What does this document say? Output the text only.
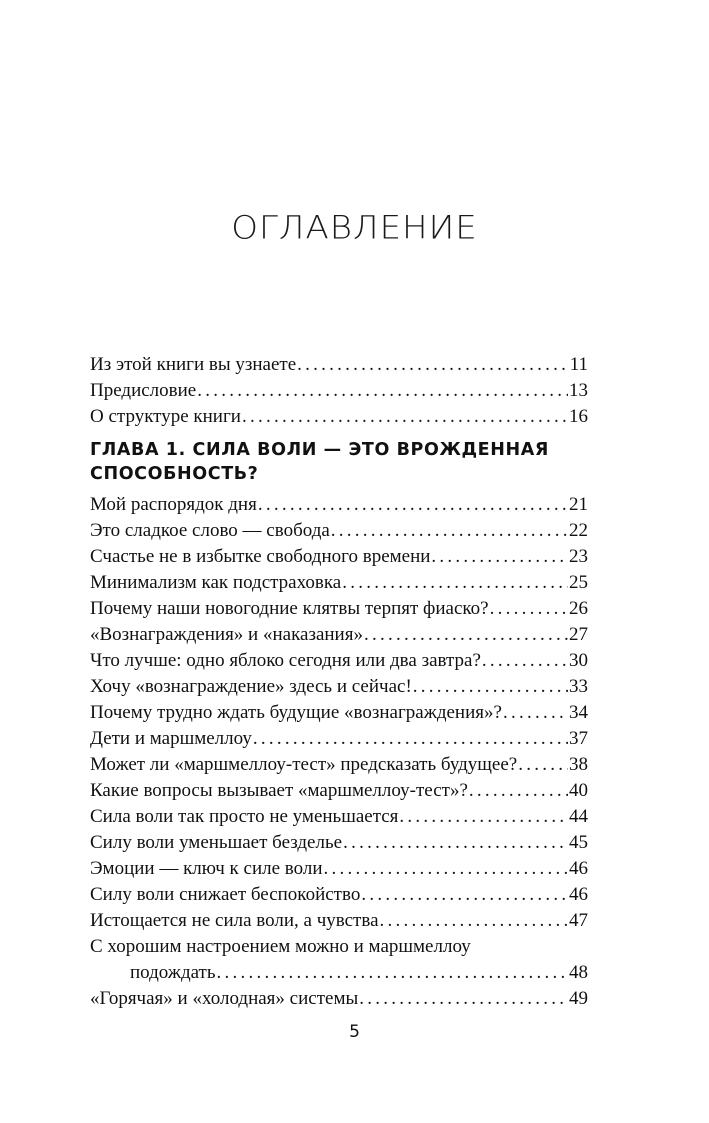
ОГЛАВЛЕНИЕ
Из этой книги вы узнаете . . .	11
Предисловие . . .	13
О структуре книги . . .	16
ГЛАВА 1. СИЛА ВОЛИ — ЭТО ВРОЖДЕННАЯ СПОСОБНОСТЬ?
Мой распорядок дня . . .	21
Это сладкое слово — свобода . . .	22
Счастье не в избытке свободного времени . . .	23
Минимализм как подстраховка . . .	25
Почему наши новогодние клятвы терпят фиаско? . . .	26
«Вознаграждения» и «наказания» . . .	27
Что лучше: одно яблоко сегодня или два завтра? . . .	30
Хочу «вознаграждение» здесь и сейчас! . . .	33
Почему трудно ждать будущие «вознаграждения»? . . .	34
Дети и маршмеллоу . . .	37
Может ли «маршмеллоу-тест» предсказать будущее? . . .	38
Какие вопросы вызывает «маршмеллоу-тест»? . . .	40
Сила воли так просто не уменьшается . . .	44
Силу воли уменьшает безделье . . .	45
Эмоции — ключ к силе воли . . .	46
Силу воли снижает беспокойство . . .	46
Истощается не сила воли, а чувства . . .	47
С хорошим настроением можно и маршмеллоу
подождать . . .	48
«Горячая» и «холодная» системы . . .	49
5
